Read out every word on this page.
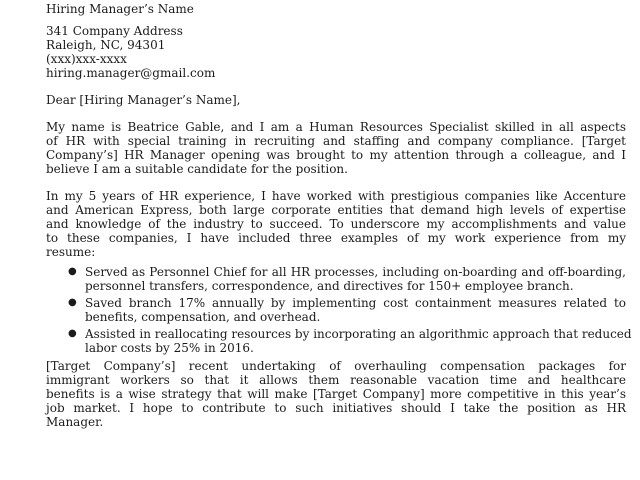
Hiring Manager’s Name
341 Company Address
Raleigh, NC, 94301
(xxx)xxx-xxxx
hiring.manager@gmail.com
Dear [Hiring Manager’s Name],
My name is Beatrice Gable, and I am a Human Resources Specialist skilled in all aspects
of HR with special training in recruiting and staffing and company compliance. [Target
Company’s] HR Manager opening was brought to my attention through a colleague, and I
believe I am a suitable candidate for the position.
In my 5 years of HR experience, I have worked with prestigious companies like Accenture
and American Express, both large corporate entities that demand high levels of expertise
and knowledge of the industry to succeed. To underscore my accomplishments and value
to these companies, I have included three examples of my work experience from my
resume:
● Served as Personnel Chief for all HR processes, including on-boarding and off-boarding,
personnel transfers, correspondence, and directives for 150+ employee branch.
● Saved branch 17% annually by implementing cost containment measures related to
benefits, compensation, and overhead.
● Assisted in reallocating resources by incorporating an algorithmic approach that reduced
labor costs by 25% in 2016.
[Target Company’s] recent undertaking of overhauling compensation packages for
immigrant workers so that it allows them reasonable vacation time and healthcare
benefits is a wise strategy that will make [Target Company] more competitive in this year’s
job market. I hope to contribute to such initiatives should I take the position as HR
Manager.
